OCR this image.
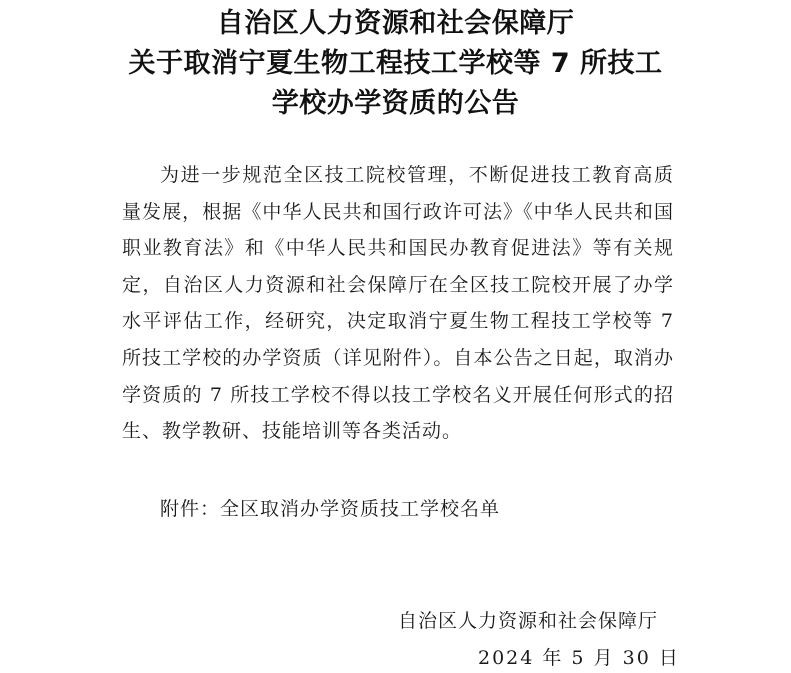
自治区人力资源和社会保障厅
关于取消宁夏生物工程技工学校等 7 所技工
学校办学资质的公告

为进一步规范全区技工院校管理，不断促进技工教育高质量发展，根据《中华人民共和国行政许可法》《中华人民共和国职业教育法》和《中华人民共和国民办教育促进法》等有关规定，自治区人力资源和社会保障厅在全区技工院校开展了办学水平评估工作，经研究，决定取消宁夏生物工程技工学校等 7 所技工学校的办学资质（详见附件）。自本公告之日起，取消办学资质的 7 所技工学校不得以技工学校名义开展任何形式的招生、教学教研、技能培训等各类活动。

附件：全区取消办学资质技工学校名单

自治区人力资源和社会保障厅

2024 年 5 月 30 日
